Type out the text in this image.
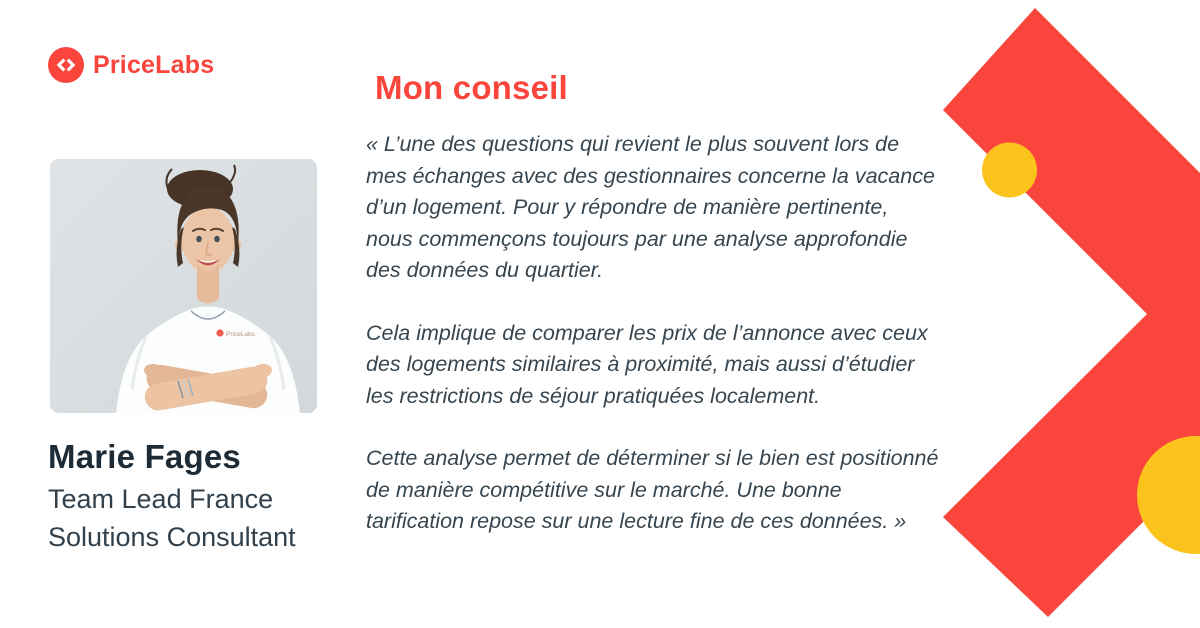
PriceLabs
PriceLabs
Marie Fages
Team Lead France
Solutions Consultant
Mon conseil

« L’une des questions qui revient le plus souvent lors de mes échanges avec des gestionnaires concerne la vacance d’un logement. Pour y répondre de manière pertinente, nous commençons toujours par une analyse approfondie des données du quartier.

Cela implique de comparer les prix de l’annonce avec ceux des logements similaires à proximité, mais aussi d’étudier les restrictions de séjour pratiquées localement.

Cette analyse permet de déterminer si le bien est positionné de manière compétitive sur le marché. Une bonne tarification repose sur une lecture fine de ces données. »
